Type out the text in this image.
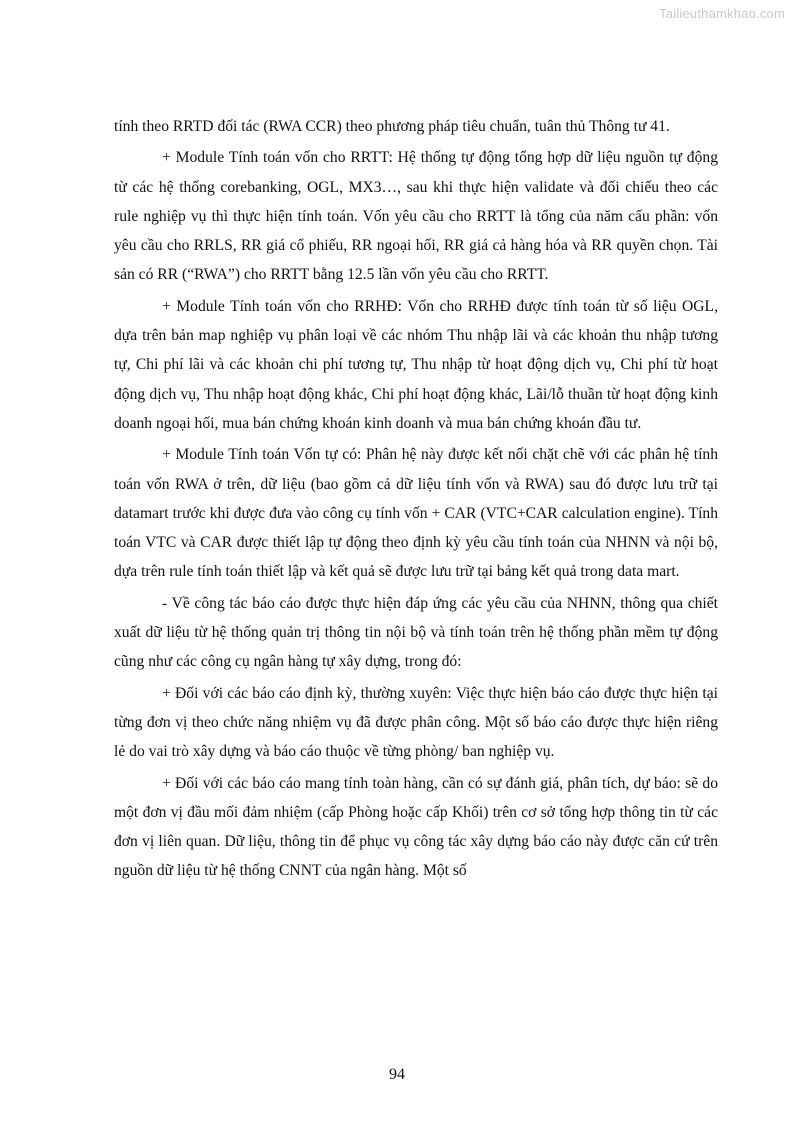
Tailieuthamkhao.com

tính theo RRTD đối tác (RWA CCR) theo phương pháp tiêu chuẩn, tuân thủ Thông tư 41.

+ Module Tính toán vốn cho RRTT: Hệ thống tự động tổng hợp dữ liệu nguồn tự động từ các hệ thống corebanking, OGL, MX3…, sau khi thực hiện validate và đối chiếu theo các rule nghiệp vụ thì thực hiện tính toán. Vốn yêu cầu cho RRTT là tổng của năm cấu phần: vốn yêu cầu cho RRLS, RR giá cổ phiếu, RR ngoại hối, RR giá cả hàng hóa và RR quyền chọn. Tài sản có RR (“RWA”) cho RRTT bằng 12.5 lần vốn yêu cầu cho RRTT.

+ Module Tính toán vốn cho RRHĐ: Vốn cho RRHĐ được tính toán từ số liệu OGL, dựa trên bản map nghiệp vụ phân loại về các nhóm Thu nhập lãi và các khoản thu nhập tương tự, Chi phí lãi và các khoản chi phí tương tự, Thu nhập từ hoạt động dịch vụ, Chi phí từ hoạt động dịch vụ, Thu nhập hoạt động khác, Chi phí hoạt động khác, Lãi/lỗ thuần từ hoạt động kinh doanh ngoại hối, mua bán chứng khoán kinh doanh và mua bán chứng khoán đầu tư.

+ Module Tính toán Vốn tự có: Phân hệ này được kết nối chặt chẽ với các phân hệ tính toán vốn RWA ở trên, dữ liệu (bao gồm cả dữ liệu tính vốn và RWA) sau đó được lưu trữ tại datamart trước khi được đưa vào công cụ tính vốn + CAR (VTC+CAR calculation engine). Tính toán VTC và CAR được thiết lập tự động theo định kỳ yêu cầu tính toán của NHNN và nội bộ, dựa trên rule tính toán thiết lập và kết quả sẽ được lưu trữ tại bảng kết quả trong data mart.

- Về công tác báo cáo được thực hiện đáp ứng các yêu cầu của NHNN, thông qua chiết xuất dữ liệu từ hệ thống quản trị thông tin nội bộ và tính toán trên hệ thống phần mềm tự động cũng như các công cụ ngân hàng tự xây dựng, trong đó:

+ Đối với các báo cáo định kỳ, thường xuyên: Việc thực hiện báo cáo được thực hiện tại từng đơn vị theo chức năng nhiệm vụ đã được phân công. Một số báo cáo được thực hiện riêng lẻ do vai trò xây dựng và báo cáo thuộc về từng phòng/ ban nghiệp vụ.

+ Đối với các báo cáo mang tính toàn hàng, cần có sự đánh giá, phân tích, dự báo: sẽ do một đơn vị đầu mối đảm nhiệm (cấp Phòng hoặc cấp Khối) trên cơ sở tổng hợp thông tin từ các đơn vị liên quan. Dữ liệu, thông tin để phục vụ công tác xây dựng báo cáo này được căn cứ trên nguồn dữ liệu từ hệ thống CNNT của ngân hàng. Một số

94
